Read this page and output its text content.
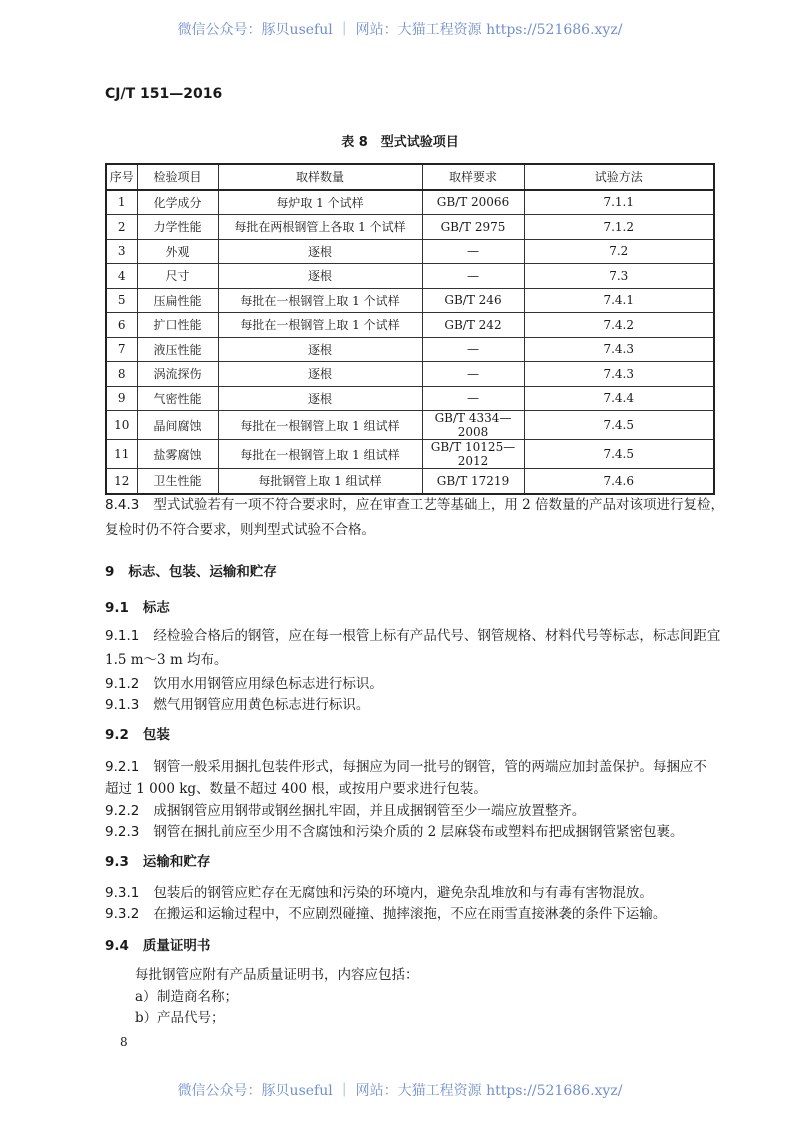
微信公众号：豚贝useful ｜ 网站：大猫工程资源 https://521686.xyz/
CJ/T 151—2016
表 8　型式试验项目
序号	检验项目	取样数量	取样要求	试验方法
1	化学成分	每炉取 1 个试样	GB/T 20066	7.1.1
2	力学性能	每批在两根钢管上各取 1 个试样	GB/T 2975	7.1.2
3	外观	逐根	—	7.2
4	尺寸	逐根	—	7.3
5	压扁性能	每批在一根钢管上取 1 个试样	GB/T 246	7.4.1
6	扩口性能	每批在一根钢管上取 1 个试样	GB/T 242	7.4.2
7	液压性能	逐根	—	7.4.3
8	涡流探伤	逐根	—	7.4.3
9	气密性能	逐根	—	7.4.4
10	晶间腐蚀	每批在一根钢管上取 1 组试样	GB/T 4334—2008	7.4.5
11	盐雾腐蚀	每批在一根钢管上取 1 组试样	GB/T 10125—2012	7.4.5
12	卫生性能	每批钢管上取 1 组试样	GB/T 17219	7.4.6
8.4.3 型式试验若有一项不符合要求时，应在审查工艺等基础上，用 2 倍数量的产品对该项进行复检，
复检时仍不符合要求，则判型式试验不合格。
9 标志、包装、运输和贮存
9.1 标志
9.1.1 经检验合格后的钢管，应在每一根管上标有产品代号、钢管规格、材料代号等标志，标志间距宜
1.5 m～3 m 均布。
9.1.2 饮用水用钢管应用绿色标志进行标识。
9.1.3 燃气用钢管应用黄色标志进行标识。
9.2 包装
9.2.1 钢管一般采用捆扎包装件形式，每捆应为同一批号的钢管，管的两端应加封盖保护。每捆应不
超过 1 000 kg、数量不超过 400 根，或按用户要求进行包装。
9.2.2 成捆钢管应用钢带或钢丝捆扎牢固，并且成捆钢管至少一端应放置整齐。
9.2.3 钢管在捆扎前应至少用不含腐蚀和污染介质的 2 层麻袋布或塑料布把成捆钢管紧密包裹。
9.3 运输和贮存
9.3.1 包装后的钢管应贮存在无腐蚀和污染的环境内，避免杂乱堆放和与有毒有害物混放。
9.3.2 在搬运和运输过程中，不应剧烈碰撞、抛摔滚拖，不应在雨雪直接淋袭的条件下运输。
9.4 质量证明书
每批钢管应附有产品质量证明书，内容应包括：
a）制造商名称；
b）产品代号；
8
微信公众号：豚贝useful ｜ 网站：大猫工程资源 https://521686.xyz/
